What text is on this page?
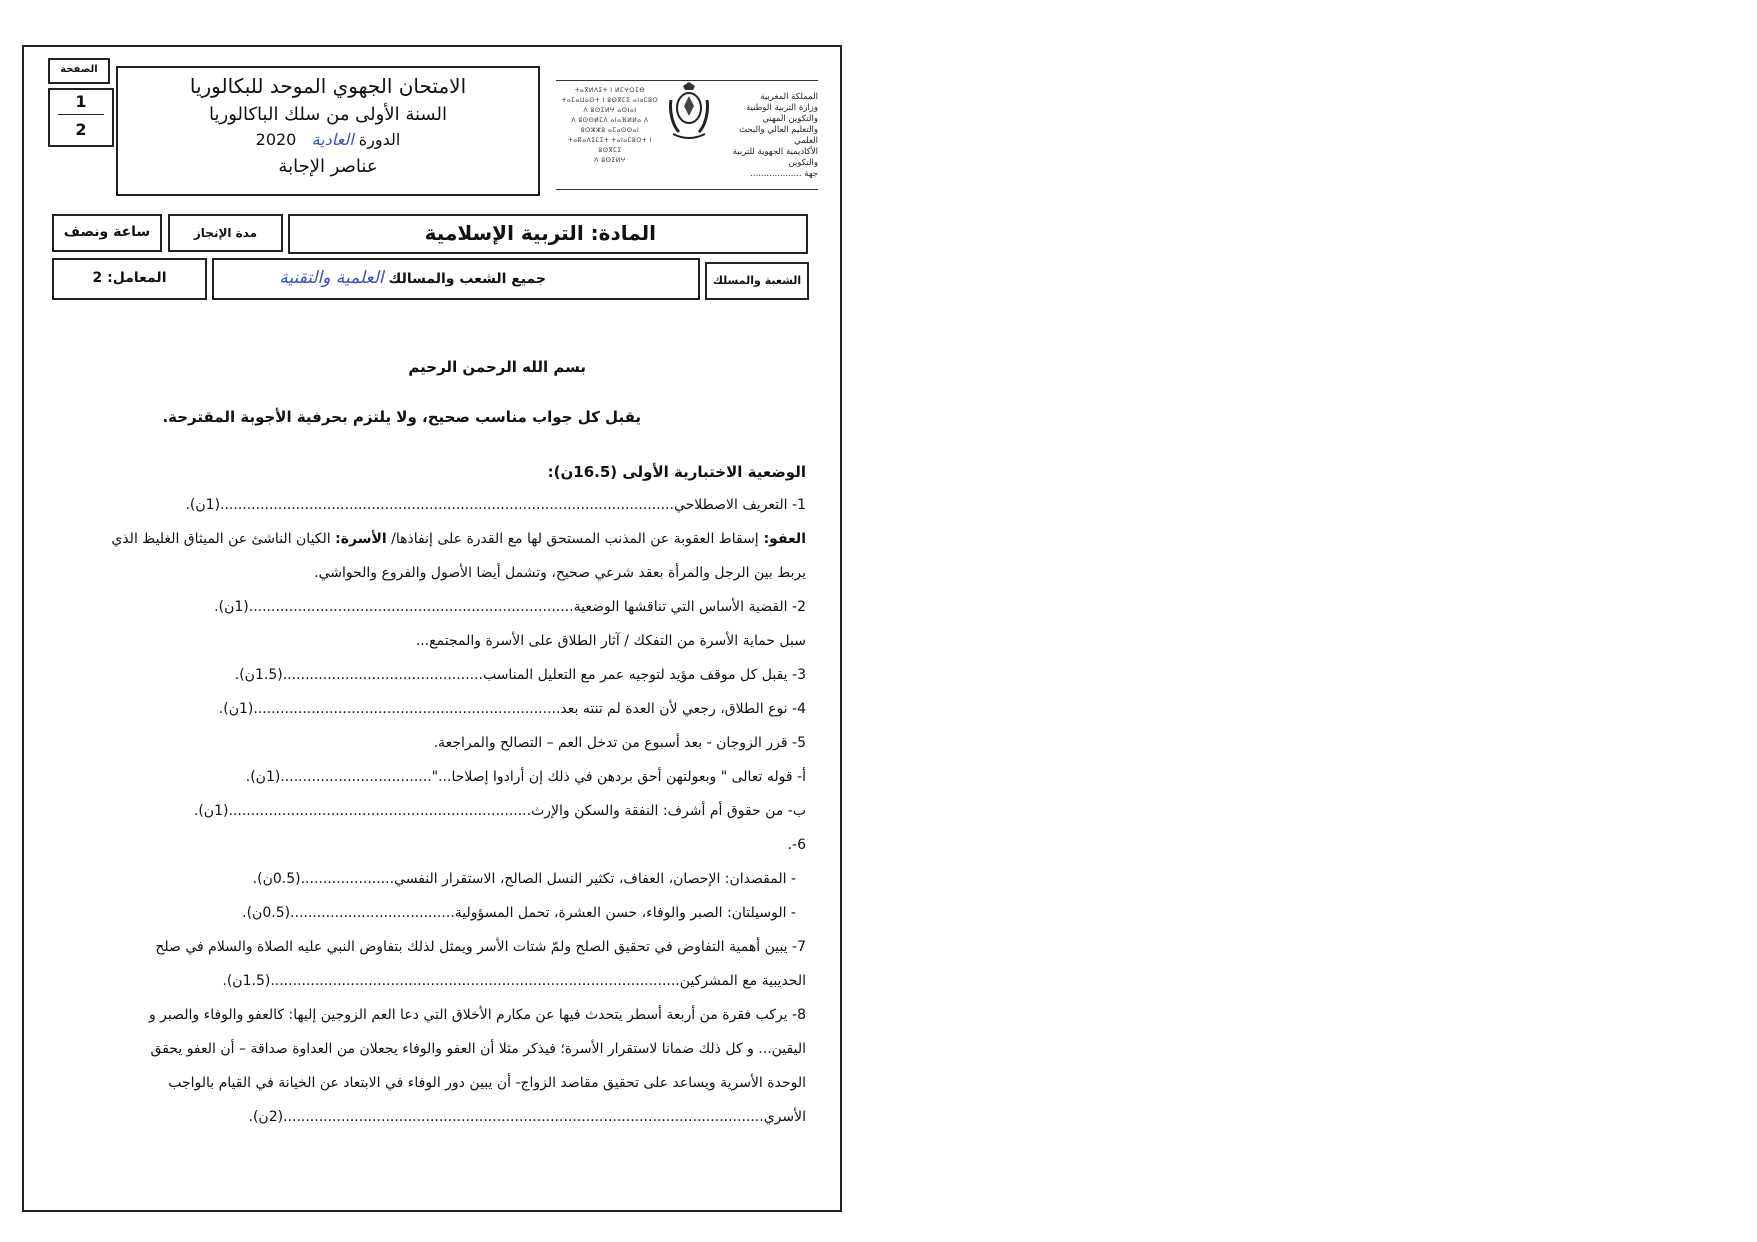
الصفحة
1
2
الامتحان الجهوي الموحد للبكالوريا
السنة الأولى من سلك الباكالوريا
الدورة العادية   2020
عناصر الإجابة
ⵜⴰⴳⵍⴷⵉⵜ ⵏ ⵍⵎⵖⵔⵉⴱ
ⵜⴰⵎⴰⵡⴰⵙⵜ ⵏ ⵓⵙⴳⵎⵉ ⴰⵏⴰⵎⵓⵔ
ⴷ ⵓⵙⵉⵍⵖ ⴰⵙⵏⴰⵏ
ⴷ ⵓⵙⵙⵍⵎⴷ ⴰⵏⴰⴼⵍⵍⴰ ⴷ ⵓⵔⵣⵣⵓ ⴰⵎⴰⵙⵙⴰⵏ
ⵜⴰⴽⴰⴷⵉⵎⵉⵜ ⵜⴰⵏⴰⵎⵓⵔⵜ ⵏ ⵓⵙⴳⵎⵉ
ⴷ ⵓⵙⵉⵍⵖ
المملكة المغربية
وزارة التربية الوطنية
والتكوين المهني
والتعليم العالي والبحث العلمي
الأكاديمية الجهوية للتربية والتكوين
جهة ...................
ساعة ونصف	مدة الإنجاز	المادة: التربية الإسلامية
المعامل: 2	جميع الشعب والمسالك العلمية والتقنية	الشعبة والمسلك
بسم الله الرحمن الرحيم
يقبل كل جواب مناسب صحيح، ولا يلتزم بحرفية الأجوبة المقترحة.
الوضعية الاختبارية الأولى (16.5ن):
1- التعريف الاصطلاحي......................................................................................................(1ن).
العفو: إسقاط العقوبة عن المذنب المستحق لها مع القدرة على إنفاذها/ الأسرة: الكيان الناشئ عن الميثاق الغليظ الذي
يربط بين الرجل والمرأة بعقد شرعي صحيح، وتشمل أيضا الأصول والفروع والحواشي.
2- القضية الأساس التي تناقشها الوضعية.........................................................................(1ن).
سبل حماية الأسرة من التفكك / آثار الطلاق على الأسرة والمجتمع...
3- يقبل كل موقف مؤيد لتوجيه عمر مع التعليل المناسب.............................................(1.5ن).
4- نوع الطلاق، رجعي لأن العدة لم تنته بعد.....................................................................(1ن).
5- قرر الزوجان - بعد أسبوع من تدخل العم – التصالح والمراجعة.
أ- قوله تعالى " وبعولتهن أحق بردهن في ذلك إن أرادوا إصلاحا..."..................................(1ن).
ب- من حقوق أم أشرف: النفقة والسكن والإرث....................................................................(1ن).
6-.
- المقصدان: الإحصان، العفاف، تكثير النسل الصالح، الاستقرار النفسي.....................(0.5ن).
- الوسيلتان: الصبر والوفاء، حسن العشرة، تحمل المسؤولية.....................................(0.5ن).
7- يبين أهمية التفاوض في تحقيق الصلح ولمّ شتات الأسر ويمثل لذلك بتفاوض النبي عليه الصلاة والسلام في صلح
الحديبية مع المشركين............................................................................................(1.5ن).
8- يركب فقرة من أربعة أسطر يتحدث فيها عن مكارم الأخلاق التي دعا العم الزوجين إليها: كالعفو والوفاء والصبر و
اليقين... و كل ذلك ضمانا لاستقرار الأسرة؛ فيذكر مثلا أن العفو والوفاء يجعلان من العداوة صداقة – أن العفو يحقق
الوحدة الأسرية ويساعد على تحقيق مقاصد الزواج- أن يبين دور الوفاء في الابتعاد عن الخيانة في القيام بالواجب
الأسري............................................................................................................(2ن).
